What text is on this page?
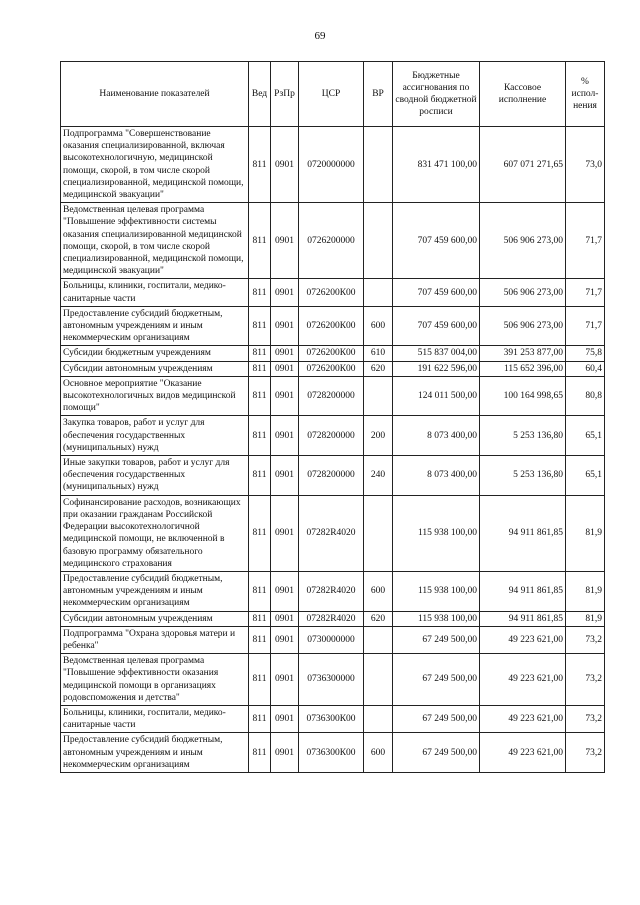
69
Наименование показателей	Вед	РзПр	ЦСР	ВР	Бюджетные ассигнования по сводной бюджетной росписи	Кассовое исполнение	% испол-нения
Подпрограмма "Совершенствование оказания специализированной, включая высокотехнологичную, медицинской помощи, скорой, в том числе скорой специализированной, медицинской помощи, медицинской эвакуации"	811	0901	0720000000		831 471 100,00	607 071 271,65	73,0
Ведомственная целевая программа "Повышение эффективности системы оказания специализированной медицинской помощи, скорой, в том числе скорой специализированной, медицинской помощи, медицинской эвакуации"	811	0901	0726200000		707 459 600,00	506 906 273,00	71,7
Больницы, клиники, госпитали, медико-санитарные части	811	0901	0726200К00		707 459 600,00	506 906 273,00	71,7
Предоставление субсидий бюджетным, автономным учреждениям и иным некоммерческим организациям	811	0901	0726200К00	600	707 459 600,00	506 906 273,00	71,7
Субсидии бюджетным учреждениям	811	0901	0726200К00	610	515 837 004,00	391 253 877,00	75,8
Субсидии автономным учреждениям	811	0901	0726200К00	620	191 622 596,00	115 652 396,00	60,4
Основное мероприятие "Оказание высокотехнологичных видов медицинской помощи"	811	0901	0728200000		124 011 500,00	100 164 998,65	80,8
Закупка товаров, работ и услуг для обеспечения государственных (муниципальных) нужд	811	0901	0728200000	200	8 073 400,00	5 253 136,80	65,1
Иные закупки товаров, работ и услуг для обеспечения государственных (муниципальных) нужд	811	0901	0728200000	240	8 073 400,00	5 253 136,80	65,1
Софинансирование расходов, возникающих при оказании гражданам Российской Федерации высокотехнологичной медицинской помощи, не включенной в базовую программу обязательного медицинского страхования	811	0901	07282R4020		115 938 100,00	94 911 861,85	81,9
Предоставление субсидий бюджетным, автономным учреждениям и иным некоммерческим организациям	811	0901	07282R4020	600	115 938 100,00	94 911 861,85	81,9
Субсидии автономным учреждениям	811	0901	07282R4020	620	115 938 100,00	94 911 861,85	81,9
Подпрограмма "Охрана здоровья матери и ребенка"	811	0901	0730000000		67 249 500,00	49 223 621,00	73,2
Ведомственная целевая программа "Повышение эффективности оказания медицинской помощи в организациях родовспоможения и детства"	811	0901	0736300000		67 249 500,00	49 223 621,00	73,2
Больницы, клиники, госпитали, медико-санитарные части	811	0901	0736300К00		67 249 500,00	49 223 621,00	73,2
Предоставление субсидий бюджетным, автономным учреждениям и иным некоммерческим организациям	811	0901	0736300К00	600	67 249 500,00	49 223 621,00	73,2
